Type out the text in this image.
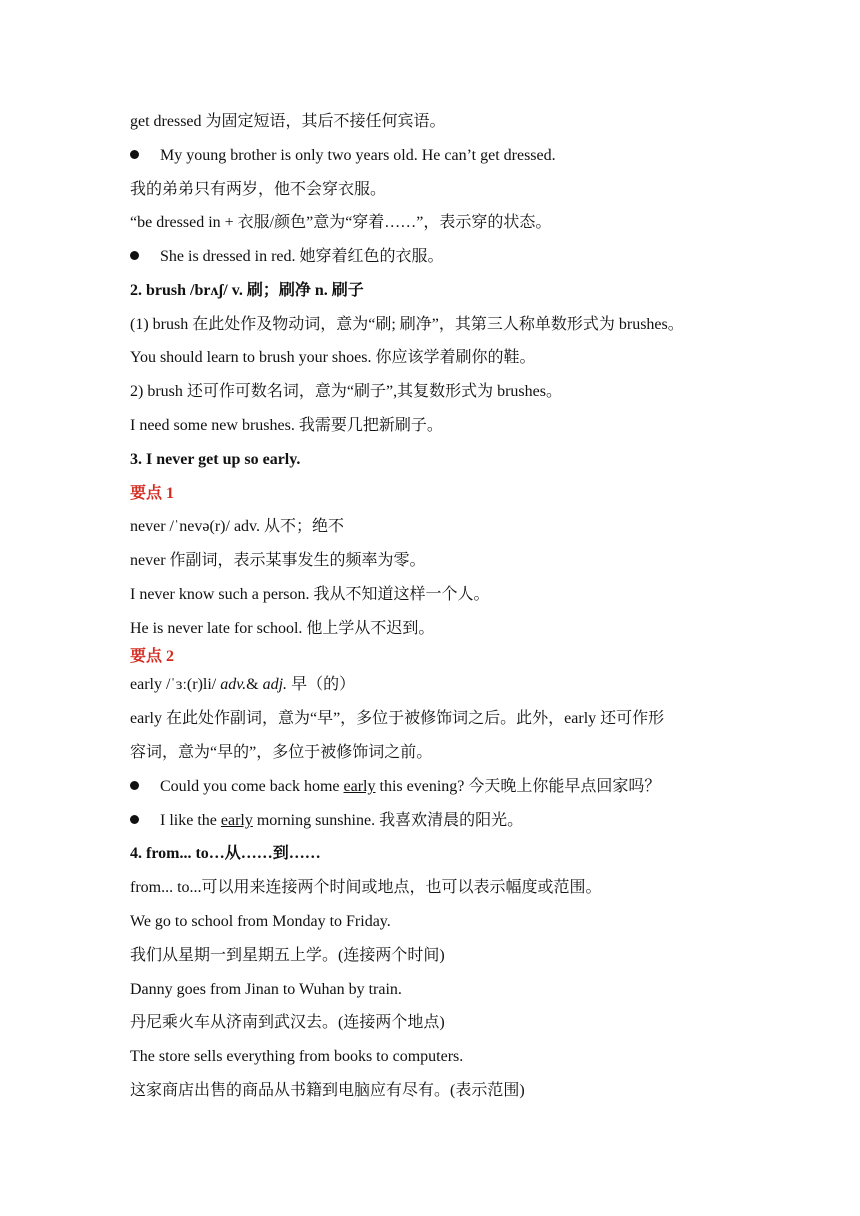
get dressed 为固定短语，其后不接任何宾语。
My young brother is only two years old. He can’t get dressed.
我的弟弟只有两岁，他不会穿衣服。
“be dressed in + 衣服/颜色”意为“穿着……”，表示穿的状态。
She is dressed in red. 她穿着红色的衣服。
2. brush /brʌʃ/ v. 刷；刷净 n. 刷子
(1) brush 在此处作及物动词，意为“刷; 刷净”，其第三人称单数形式为 brushes。
You should learn to brush your shoes. 你应该学着刷你的鞋。
2) brush 还可作可数名词，意为“刷子”,其复数形式为 brushes。
I need some new brushes. 我需要几把新刷子。
3. I never get up so early.
要点 1
never /ˈnevə(r)/ adv. 从不；绝不
never 作副词，表示某事发生的频率为零。
I never know such a person. 我从不知道这样一个人。
He is never late for school. 他上学从不迟到。
要点 2
early /ˈɜː(r)li/ adv.& adj. 早（的）
early 在此处作副词，意为“早”，多位于被修饰词之后。此外，early 还可作形
容词，意为“早的”，多位于被修饰词之前。
Could you come back home early this evening? 今天晚上你能早点回家吗？
I like the early morning sunshine. 我喜欢清晨的阳光。
4. from... to…从……到……
from... to...可以用来连接两个时间或地点，也可以表示幅度或范围。
We go to school from Monday to Friday.
我们从星期一到星期五上学。(连接两个时间)
Danny goes from Jinan to Wuhan by train.
丹尼乘火车从济南到武汉去。(连接两个地点)
The store sells everything from books to computers.
这家商店出售的商品从书籍到电脑应有尽有。(表示范围)
